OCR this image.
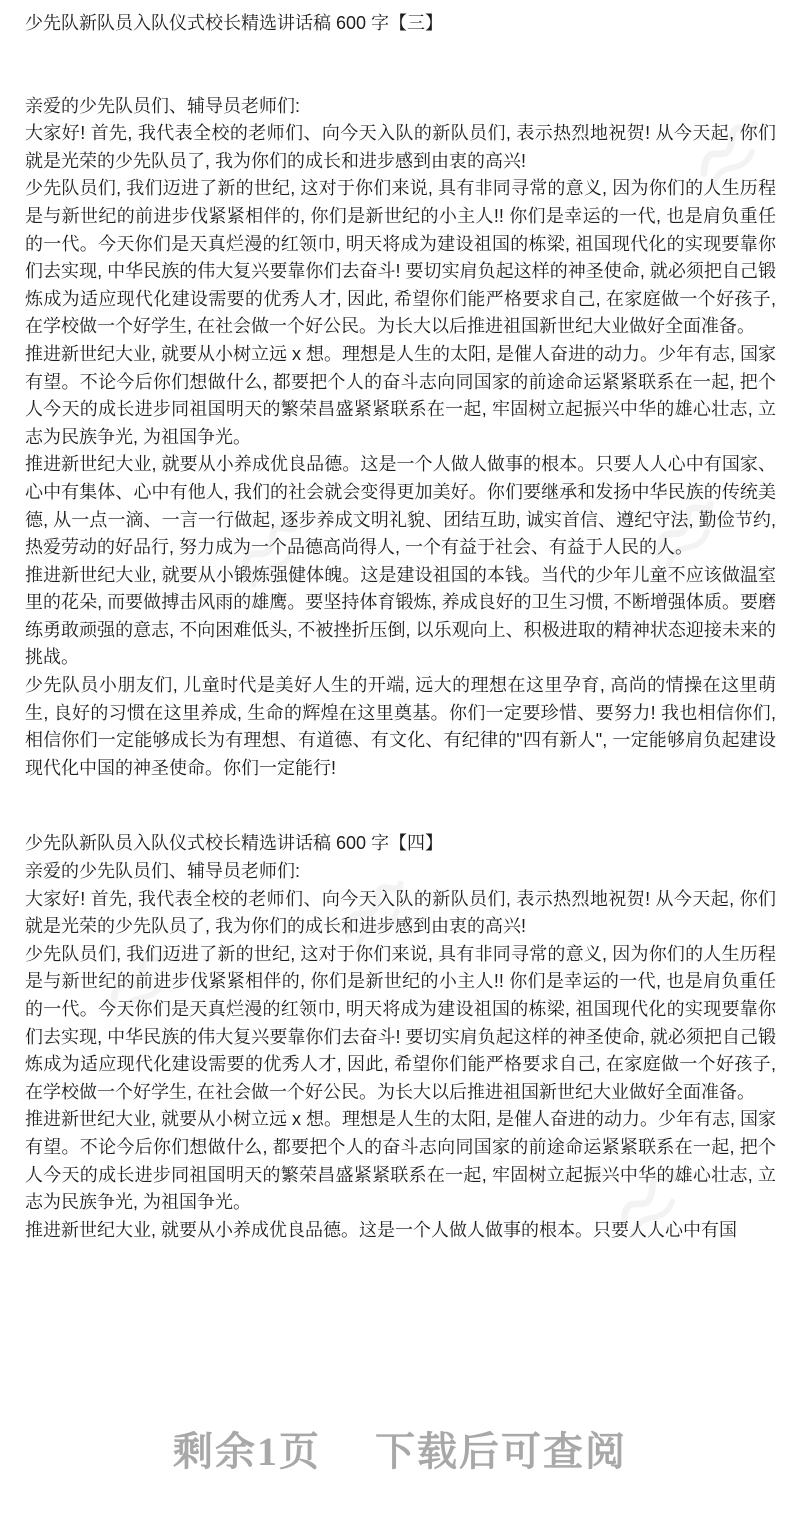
少先队新队员入队仪式校长精选讲话稿 600 字【三】

亲爱的少先队员们、辅导员老师们:

大家好! 首先, 我代表全校的老师们、向今天入队的新队员们, 表示热烈地祝贺! 从今天起, 你们就是光荣的少先队员了, 我为你们的成长和进步感到由衷的高兴!

少先队员们, 我们迈进了新的世纪, 这对于你们来说, 具有非同寻常的意义, 因为你们的人生历程是与新世纪的前进步伐紧紧相伴的, 你们是新世纪的小主人!! 你们是幸运的一代, 也是肩负重任的一代。今天你们是天真烂漫的红领巾, 明天将成为建设祖国的栋梁, 祖国现代化的实现要靠你们去实现, 中华民族的伟大复兴要靠你们去奋斗! 要切实肩负起这样的神圣使命, 就必须把自己锻炼成为适应现代化建设需要的优秀人才, 因此, 希望你们能严格要求自己, 在家庭做一个好孩子, 在学校做一个好学生, 在社会做一个好公民。为长大以后推进祖国新世纪大业做好全面准备。

推进新世纪大业, 就要从小树立远 x 想。理想是人生的太阳, 是催人奋进的动力。少年有志, 国家有望。不论今后你们想做什么, 都要把个人的奋斗志向同国家的前途命运紧紧联系在一起, 把个人今天的成长进步同祖国明天的繁荣昌盛紧紧联系在一起, 牢固树立起振兴中华的雄心壮志, 立志为民族争光, 为祖国争光。

推进新世纪大业, 就要从小养成优良品德。这是一个人做人做事的根本。只要人人心中有国家、心中有集体、心中有他人, 我们的社会就会变得更加美好。你们要继承和发扬中华民族的传统美德, 从一点一滴、一言一行做起, 逐步养成文明礼貌、团结互助, 诚实首信、遵纪守法, 勤俭节约, 热爱劳动的好品行, 努力成为一个品德高尚得人, 一个有益于社会、有益于人民的人。

推进新世纪大业, 就要从小锻炼强健体魄。这是建设祖国的本钱。当代的少年儿童不应该做温室里的花朵, 而要做搏击风雨的雄鹰。要坚持体育锻炼, 养成良好的卫生习惯, 不断增强体质。要磨练勇敢顽强的意志, 不向困难低头, 不被挫折压倒, 以乐观向上、积极进取的精神状态迎接未来的挑战。

少先队员小朋友们, 儿童时代是美好人生的开端, 远大的理想在这里孕育, 高尚的情操在这里萌生, 良好的习惯在这里养成, 生命的辉煌在这里奠基。你们一定要珍惜、要努力! 我也相信你们, 相信你们一定能够成长为有理想、有道德、有文化、有纪律的"四有新人", 一定能够肩负起建设现代化中国的神圣使命。你们一定能行!

少先队新队员入队仪式校长精选讲话稿 600 字【四】

亲爱的少先队员们、辅导员老师们:

大家好! 首先, 我代表全校的老师们、向今天入队的新队员们, 表示热烈地祝贺! 从今天起, 你们就是光荣的少先队员了, 我为你们的成长和进步感到由衷的高兴!

少先队员们, 我们迈进了新的世纪, 这对于你们来说, 具有非同寻常的意义, 因为你们的人生历程是与新世纪的前进步伐紧紧相伴的, 你们是新世纪的小主人!! 你们是幸运的一代, 也是肩负重任的一代。今天你们是天真烂漫的红领巾, 明天将成为建设祖国的栋梁, 祖国现代化的实现要靠你们去实现, 中华民族的伟大复兴要靠你们去奋斗! 要切实肩负起这样的神圣使命, 就必须把自己锻炼成为适应现代化建设需要的优秀人才, 因此, 希望你们能严格要求自己, 在家庭做一个好孩子, 在学校做一个好学生, 在社会做一个好公民。为长大以后推进祖国新世纪大业做好全面准备。

推进新世纪大业, 就要从小树立远 x 想。理想是人生的太阳, 是催人奋进的动力。少年有志, 国家有望。不论今后你们想做什么, 都要把个人的奋斗志向同国家的前途命运紧紧联系在一起, 把个人今天的成长进步同祖国明天的繁荣昌盛紧紧联系在一起, 牢固树立起振兴中华的雄心壮志, 立志为民族争光, 为祖国争光。

推进新世纪大业, 就要从小养成优良品德。这是一个人做人做事的根本。只要人人心中有国

剩余1页 下载后可查阅
